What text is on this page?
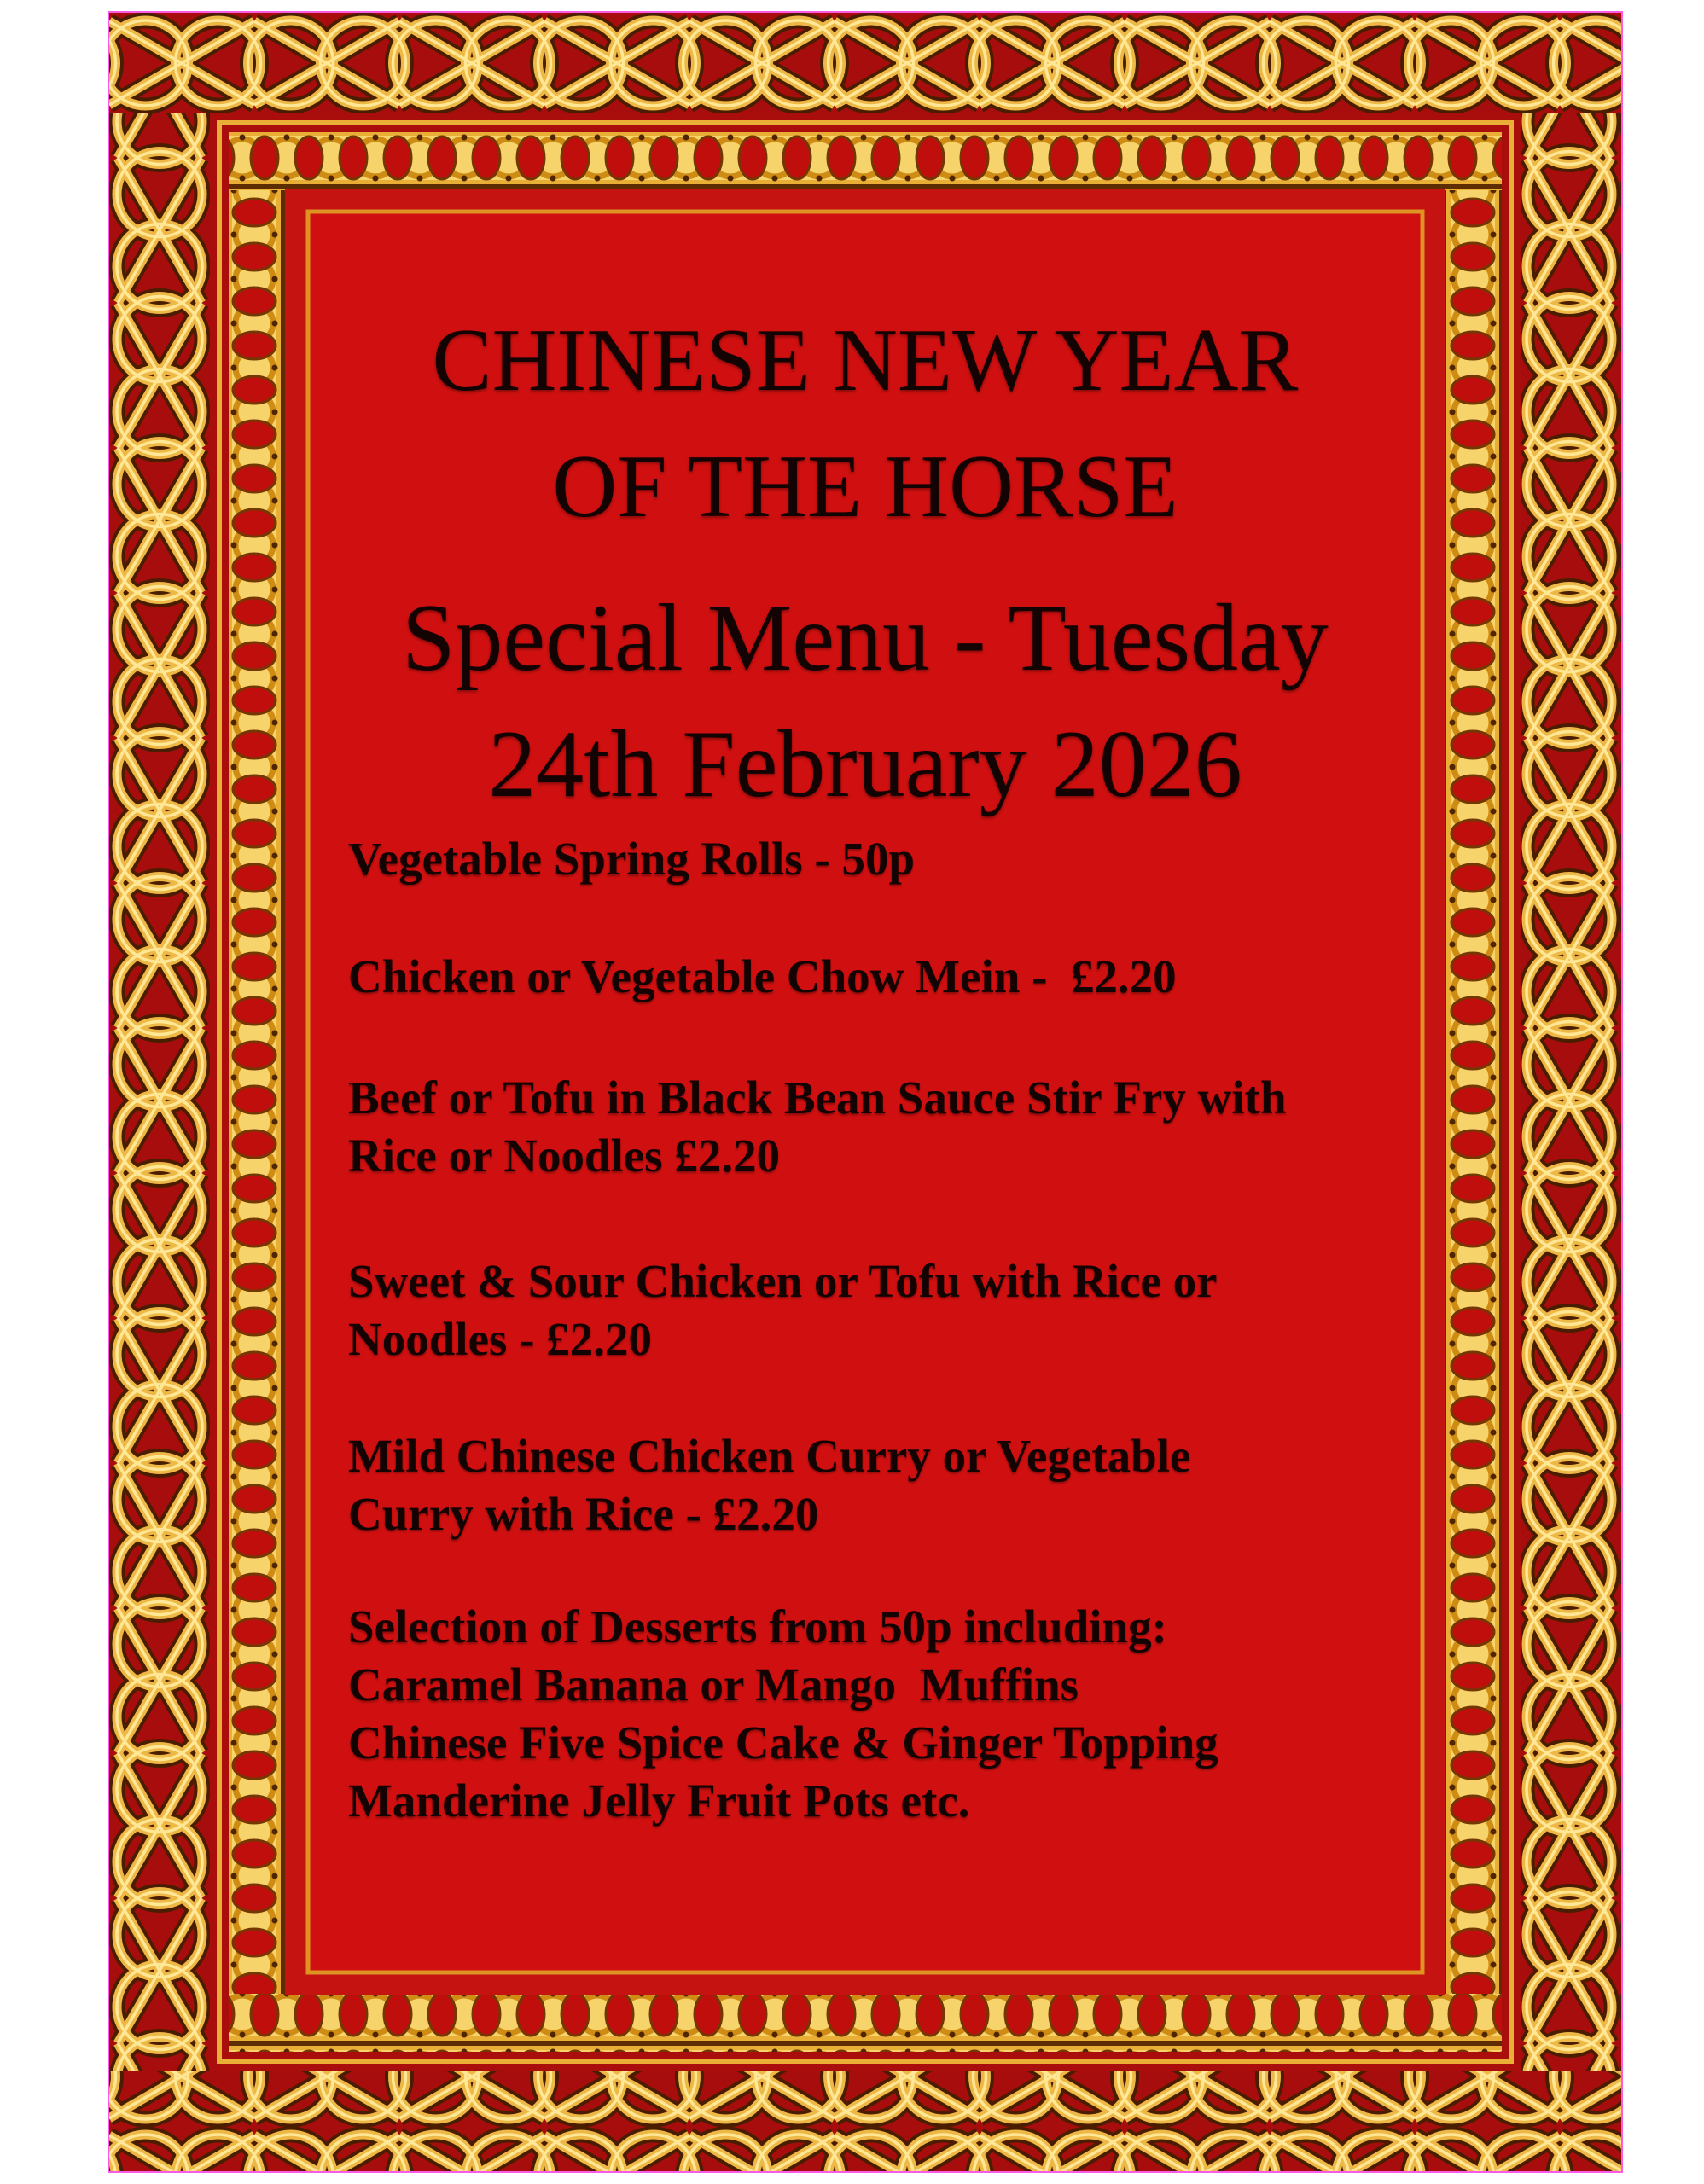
CHINESE NEW YEAR
OF THE HORSE
Special Menu - Tuesday
24th February 2026
Vegetable Spring Rolls - 50p
Chicken or Vegetable Chow Mein -  £2.20
Beef or Tofu in Black Bean Sauce Stir Fry with
Rice or Noodles £2.20
Sweet & Sour Chicken or Tofu with Rice or
Noodles - £2.20
Mild Chinese Chicken Curry or Vegetable
Curry with Rice - £2.20
Selection of Desserts from 50p including:
Caramel Banana or Mango  Muffins
Chinese Five Spice Cake & Ginger Topping
Manderine Jelly Fruit Pots etc.
